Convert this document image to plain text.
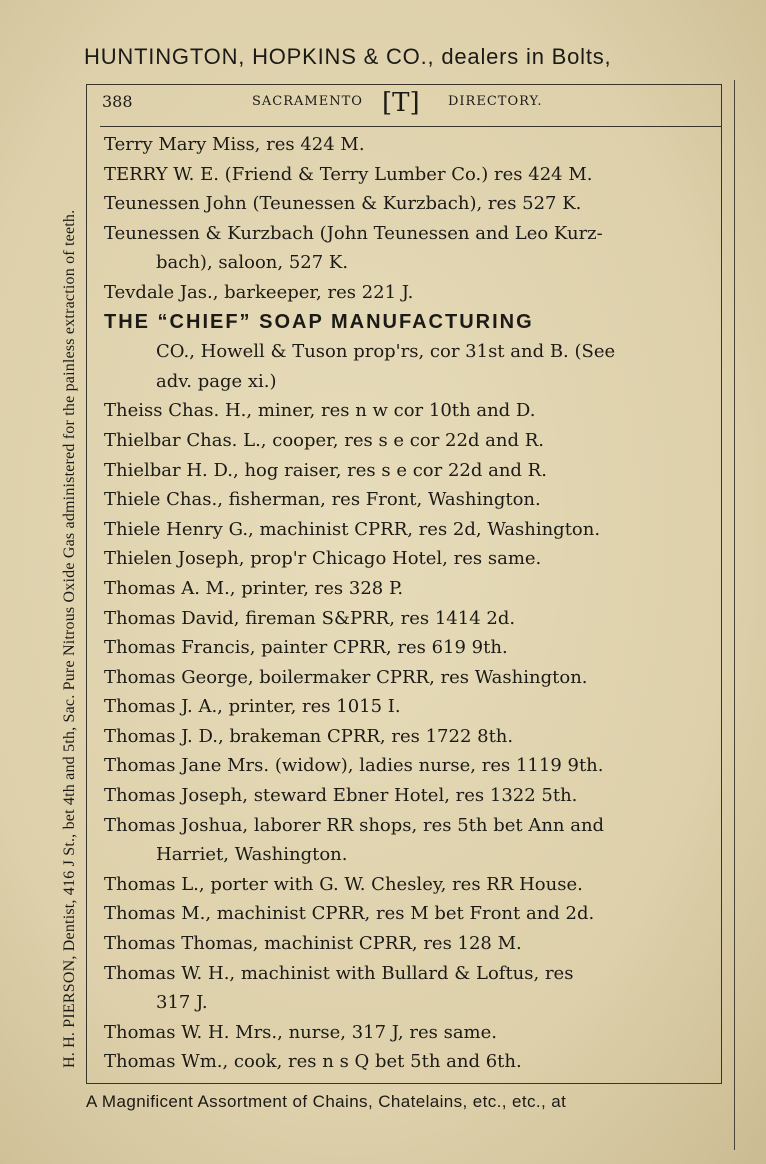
HUNTINGTON, HOPKINS & CO., dealers in Bolts,
H. H. PIERSON, Dentist, 416 J St., bet 4th and 5th, Sac. Pure Nitrous Oxide Gas administered for the painless extraction of teeth.
388	SACRAMENTO [T] DIRECTORY.

Terry Mary Miss, res 424 M.

TERRY W. E. (Friend & Terry Lumber Co.) res 424 M.

Teunessen John (Teunessen & Kurzbach), res 527 K.

Teunessen & Kurzbach (John Teunessen and Leo Kurz-
bach), saloon, 527 K.

Tevdale Jas., barkeeper, res 221 J.

THE “CHIEF” SOAP MANUFACTURING
CO., Howell & Tuson prop'rs, cor 31st and B. (See
adv. page xi.)

Theiss Chas. H., miner, res n w cor 10th and D.

Thielbar Chas. L., cooper, res s e cor 22d and R.

Thielbar H. D., hog raiser, res s e cor 22d and R.

Thiele Chas., fisherman, res Front, Washington.

Thiele Henry G., machinist CPRR, res 2d, Washington.

Thielen Joseph, prop'r Chicago Hotel, res same.

Thomas A. M., printer, res 328 P.

Thomas David, fireman S&PRR, res 1414 2d.

Thomas Francis, painter CPRR, res 619 9th.

Thomas George, boilermaker CPRR, res Washington.

Thomas J. A., printer, res 1015 I.

Thomas J. D., brakeman CPRR, res 1722 8th.

Thomas Jane Mrs. (widow), ladies nurse, res 1119 9th.

Thomas Joseph, steward Ebner Hotel, res 1322 5th.

Thomas Joshua, laborer RR shops, res 5th bet Ann and
Harriet, Washington.

Thomas L., porter with G. W. Chesley, res RR House.

Thomas M., machinist CPRR, res M bet Front and 2d.

Thomas Thomas, machinist CPRR, res 128 M.

Thomas W. H., machinist with Bullard & Loftus, res
317 J.

Thomas W. H. Mrs., nurse, 317 J, res same.

Thomas Wm., cook, res n s Q bet 5th and 6th.

A Magnificent Assortment of Chains, Chatelains, etc., etc., at
